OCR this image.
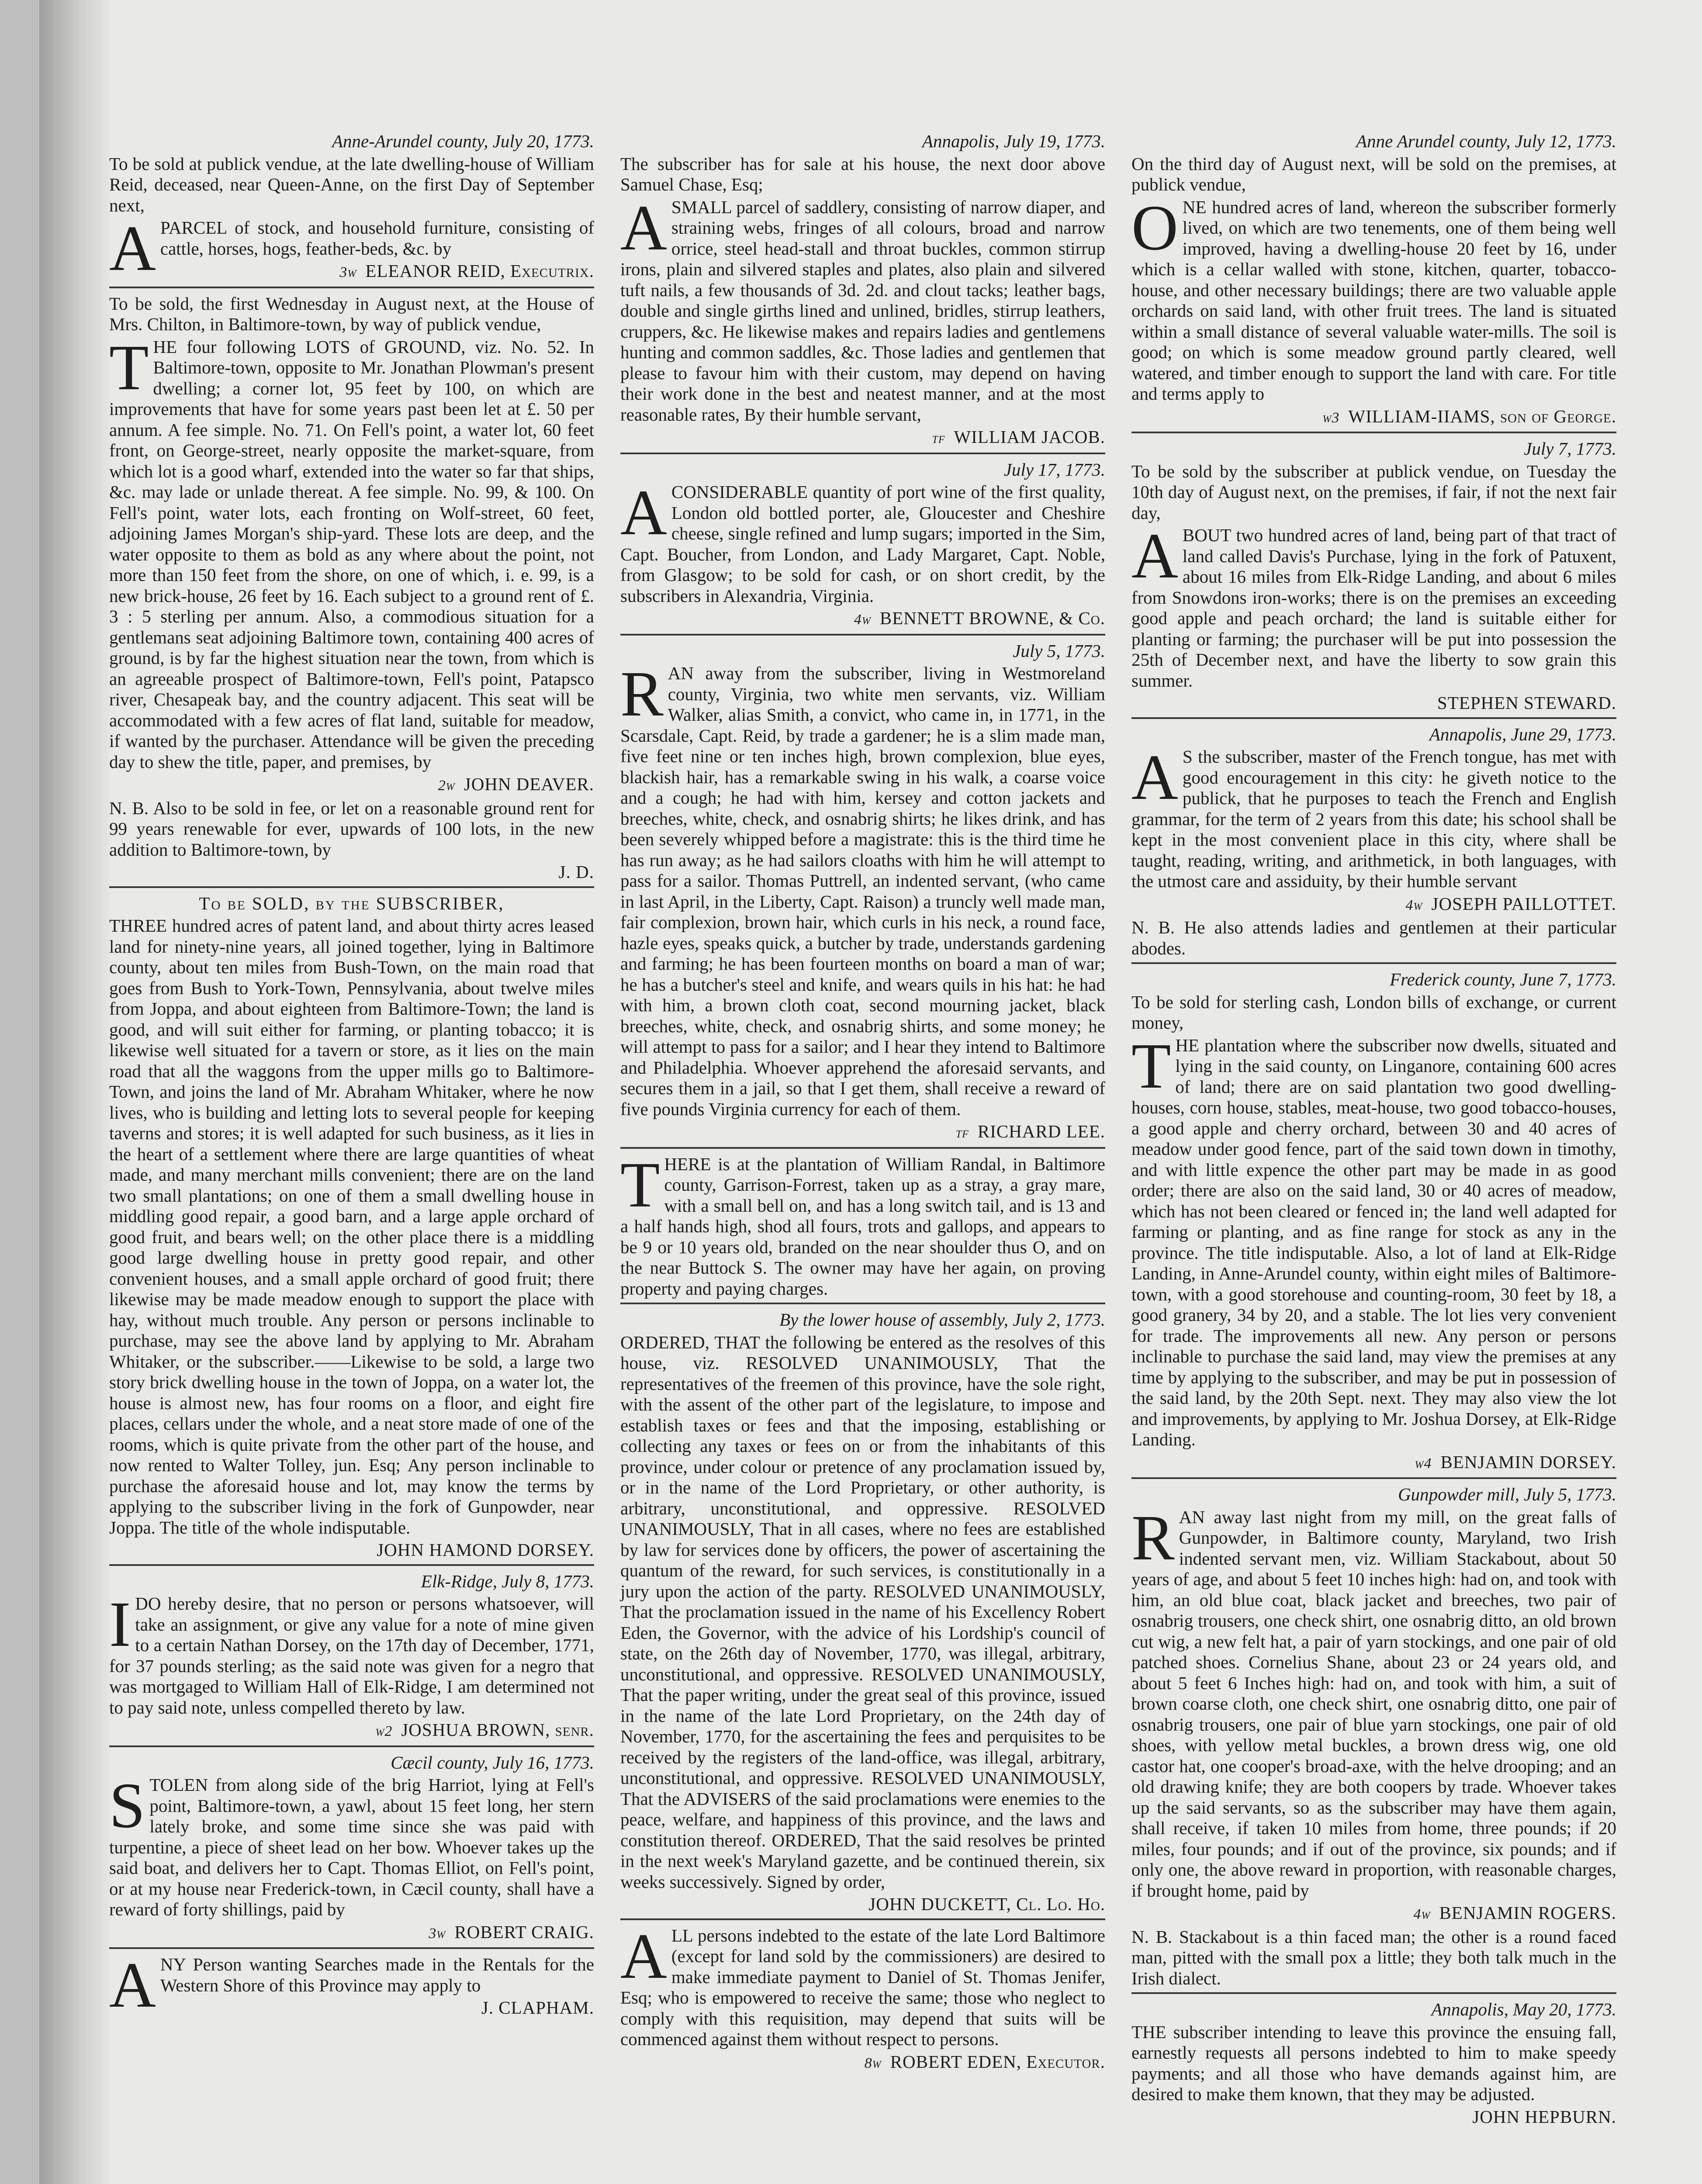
Anne-Arundel county, July 20, 1773.

To be sold at publick vendue, at the late dwelling-house of William Reid, deceased, near Queen-Anne, on the first Day of September next,

APARCEL of stock, and household furniture, consisting of cattle, horses, hogs, feather-beds, &c. by

3w ELEANOR REID, Executrix.

To be sold, the first Wednesday in August next, at the House of Mrs. Chilton, in Baltimore-town, by way of publick vendue,

THE four following LOTS of GROUND, viz. No. 52. In Baltimore-town, opposite to Mr. Jonathan Plowman's present dwelling; a corner lot, 95 feet by 100, on which are improvements that have for some years past been let at £. 50 per annum. A fee simple. No. 71. On Fell's point, a water lot, 60 feet front, on George-street, nearly opposite the market-square, from which lot is a good wharf, extended into the water so far that ships, &c. may lade or unlade thereat. A fee simple. No. 99, & 100. On Fell's point, water lots, each fronting on Wolf-street, 60 feet, adjoining James Morgan's ship-yard. These lots are deep, and the water opposite to them as bold as any where about the point, not more than 150 feet from the shore, on one of which, i. e. 99, is a new brick-house, 26 feet by 16. Each subject to a ground rent of £. 3 : 5 sterling per annum. Also, a commodious situation for a gentlemans seat adjoining Baltimore town, containing 400 acres of ground, is by far the highest situation near the town, from which is an agreeable prospect of Baltimore-town, Fell's point, Patapsco river, Chesapeak bay, and the country adjacent. This seat will be accommodated with a few acres of flat land, suitable for meadow, if wanted by the purchaser. Attendance will be given the preceding day to shew the title, paper, and premises, by

2w JOHN DEAVER.

N. B. Also to be sold in fee, or let on a reasonable ground rent for 99 years renewable for ever, upwards of 100 lots, in the new addition to Baltimore-town, by

J. D.

To be SOLD, by the SUBSCRIBER,

THREE hundred acres of patent land, and about thirty acres leased land for ninety-nine years, all joined together, lying in Baltimore county, about ten miles from Bush-Town, on the main road that goes from Bush to York-Town, Pennsylvania, about twelve miles from Joppa, and about eighteen from Baltimore-Town; the land is good, and will suit either for farming, or planting tobacco; it is likewise well situated for a tavern or store, as it lies on the main road that all the waggons from the upper mills go to Baltimore-Town, and joins the land of Mr. Abraham Whitaker, where he now lives, who is building and letting lots to several people for keeping taverns and stores; it is well adapted for such business, as it lies in the heart of a settlement where there are large quantities of wheat made, and many merchant mills convenient; there are on the land two small plantations; on one of them a small dwelling house in middling good repair, a good barn, and a large apple orchard of good fruit, and bears well; on the other place there is a middling good large dwelling house in pretty good repair, and other convenient houses, and a small apple orchard of good fruit; there likewise may be made meadow enough to support the place with hay, without much trouble. Any person or persons inclinable to purchase, may see the above land by applying to Mr. Abraham Whitaker, or the subscriber.——Likewise to be sold, a large two story brick dwelling house in the town of Joppa, on a water lot, the house is almost new, has four rooms on a floor, and eight fire places, cellars under the whole, and a neat store made of one of the rooms, which is quite private from the other part of the house, and now rented to Walter Tolley, jun. Esq; Any person inclinable to purchase the aforesaid house and lot, may know the terms by applying to the subscriber living in the fork of Gunpowder, near Joppa. The title of the whole indisputable.

JOHN HAMOND DORSEY.

Elk-Ridge, July 8, 1773.

IDO hereby desire, that no person or persons whatsoever, will take an assignment, or give any value for a note of mine given to a certain Nathan Dorsey, on the 17th day of December, 1771, for 37 pounds sterling; as the said note was given for a negro that was mortgaged to William Hall of Elk-Ridge, I am determined not to pay said note, unless compelled thereto by law.

w2 JOSHUA BROWN, senr.

Cæcil county, July 16, 1773.

STOLEN from along side of the brig Harriot, lying at Fell's point, Baltimore-town, a yawl, about 15 feet long, her stern lately broke, and some time since she was paid with turpentine, a piece of sheet lead on her bow. Whoever takes up the said boat, and delivers her to Capt. Thomas Elliot, on Fell's point, or at my house near Frederick-town, in Cæcil county, shall have a reward of forty shillings, paid by

3w ROBERT CRAIG.

ANY Person wanting Searches made in the Rentals for the Western Shore of this Province may apply to

J. CLAPHAM.

Annapolis, July 19, 1773.

The subscriber has for sale at his house, the next door above Samuel Chase, Esq;

ASMALL parcel of saddlery, consisting of narrow diaper, and straining webs, fringes of all colours, broad and narrow orrice, steel head-stall and throat buckles, common stirrup irons, plain and silvered staples and plates, also plain and silvered tuft nails, a few thousands of 3d. 2d. and clout tacks; leather bags, double and single girths lined and unlined, bridles, stirrup leathers, cruppers, &c. He likewise makes and repairs ladies and gentlemens hunting and common saddles, &c. Those ladies and gentlemen that please to favour him with their custom, may depend on having their work done in the best and neatest manner, and at the most reasonable rates, By their humble servant,

tf WILLIAM JACOB.

July 17, 1773.

ACONSIDERABLE quantity of port wine of the first quality, London old bottled porter, ale, Gloucester and Cheshire cheese, single refined and lump sugars; imported in the Sim, Capt. Boucher, from London, and Lady Margaret, Capt. Noble, from Glasgow; to be sold for cash, or on short credit, by the subscribers in Alexandria, Virginia.

4w BENNETT BROWNE, & Co.

July 5, 1773.

RAN away from the subscriber, living in Westmoreland county, Virginia, two white men servants, viz. William Walker, alias Smith, a convict, who came in, in 1771, in the Scarsdale, Capt. Reid, by trade a gardener; he is a slim made man, five feet nine or ten inches high, brown complexion, blue eyes, blackish hair, has a remarkable swing in his walk, a coarse voice and a cough; he had with him, kersey and cotton jackets and breeches, white, check, and osnabrig shirts; he likes drink, and has been severely whipped before a magistrate: this is the third time he has run away; as he had sailors cloaths with him he will attempt to pass for a sailor. Thomas Puttrell, an indented servant, (who came in last April, in the Liberty, Capt. Raison) a truncly well made man, fair complexion, brown hair, which curls in his neck, a round face, hazle eyes, speaks quick, a butcher by trade, understands gardening and farming; he has been fourteen months on board a man of war; he has a butcher's steel and knife, and wears quils in his hat: he had with him, a brown cloth coat, second mourning jacket, black breeches, white, check, and osnabrig shirts, and some money; he will attempt to pass for a sailor; and I hear they intend to Baltimore and Philadelphia. Whoever apprehend the aforesaid servants, and secures them in a jail, so that I get them, shall receive a reward of five pounds Virginia currency for each of them.

tf RICHARD LEE.

THERE is at the plantation of William Randal, in Baltimore county, Garrison-Forrest, taken up as a stray, a gray mare, with a small bell on, and has a long switch tail, and is 13 and a half hands high, shod all fours, trots and gallops, and appears to be 9 or 10 years old, branded on the near shoulder thus O, and on the near Buttock S. The owner may have her again, on proving property and paying charges.

By the lower house of assembly, July 2, 1773.

ORDERED, THAT the following be entered as the resolves of this house, viz. RESOLVED UNANIMOUSLY, That the representatives of the freemen of this province, have the sole right, with the assent of the other part of the legislature, to impose and establish taxes or fees and that the imposing, establishing or collecting any taxes or fees on or from the inhabitants of this province, under colour or pretence of any proclamation issued by, or in the name of the Lord Proprietary, or other authority, is arbitrary, unconstitutional, and oppressive. RESOLVED UNANIMOUSLY, That in all cases, where no fees are established by law for services done by officers, the power of ascertaining the quantum of the reward, for such services, is constitutionally in a jury upon the action of the party. RESOLVED UNANIMOUSLY, That the proclamation issued in the name of his Excellency Robert Eden, the Governor, with the advice of his Lordship's council of state, on the 26th day of November, 1770, was illegal, arbitrary, unconstitutional, and oppressive. RESOLVED UNANIMOUSLY, That the paper writing, under the great seal of this province, issued in the name of the late Lord Proprietary, on the 24th day of November, 1770, for the ascertaining the fees and perquisites to be received by the registers of the land-office, was illegal, arbitrary, unconstitutional, and oppressive. RESOLVED UNANIMOUSLY, That the ADVISERS of the said proclamations were enemies to the peace, welfare, and happiness of this province, and the laws and constitution thereof. ORDERED, That the said resolves be printed in the next week's Maryland gazette, and be continued therein, six weeks successively. Signed by order,

JOHN DUCKETT, Cl. Lo. Ho.

ALL persons indebted to the estate of the late Lord Baltimore (except for land sold by the commissioners) are desired to make immediate payment to Daniel of St. Thomas Jenifer, Esq; who is empowered to receive the same; those who neglect to comply with this requisition, may depend that suits will be commenced against them without respect to persons.

8w ROBERT EDEN, Executor.

Anne Arundel county, July 12, 1773.

On the third day of August next, will be sold on the premises, at publick vendue,

ONE hundred acres of land, whereon the subscriber formerly lived, on which are two tenements, one of them being well improved, having a dwelling-house 20 feet by 16, under which is a cellar walled with stone, kitchen, quarter, tobacco-house, and other necessary buildings; there are two valuable apple orchards on said land, with other fruit trees. The land is situated within a small distance of several valuable water-mills. The soil is good; on which is some meadow ground partly cleared, well watered, and timber enough to support the land with care. For title and terms apply to

w3 WILLIAM-IIAMS, son of George.

July 7, 1773.

To be sold by the subscriber at publick vendue, on Tuesday the 10th day of August next, on the premises, if fair, if not the next fair day,

ABOUT two hundred acres of land, being part of that tract of land called Davis's Purchase, lying in the fork of Patuxent, about 16 miles from Elk-Ridge Landing, and about 6 miles from Snowdons iron-works; there is on the premises an exceeding good apple and peach orchard; the land is suitable either for planting or farming; the purchaser will be put into possession the 25th of December next, and have the liberty to sow grain this summer.

STEPHEN STEWARD.

Annapolis, June 29, 1773.

A S the subscriber, master of the French tongue, has met with good encouragement in this city: he giveth notice to the publick, that he purposes to teach the French and English grammar, for the term of 2 years from this date; his school shall be kept in the most convenient place in this city, where shall be taught, reading, writing, and arithmetick, in both languages, with the utmost care and assiduity, by their humble servant

4w JOSEPH PAILLOTTET.

N. B. He also attends ladies and gentlemen at their particular abodes.

Frederick county, June 7, 1773.

To be sold for sterling cash, London bills of exchange, or current money,

THE plantation where the subscriber now dwells, situated and lying in the said county, on Linganore, containing 600 acres of land; there are on said plantation two good dwelling-houses, corn house, stables, meat-house, two good tobacco-houses, a good apple and cherry orchard, between 30 and 40 acres of meadow under good fence, part of the said town down in timothy, and with little expence the other part may be made in as good order; there are also on the said land, 30 or 40 acres of meadow, which has not been cleared or fenced in; the land well adapted for farming or planting, and as fine range for stock as any in the province. The title indisputable. Also, a lot of land at Elk-Ridge Landing, in Anne-Arundel county, within eight miles of Baltimore-town, with a good storehouse and counting-room, 30 feet by 18, a good granery, 34 by 20, and a stable. The lot lies very convenient for trade. The improvements all new. Any person or persons inclinable to purchase the said land, may view the premises at any time by applying to the subscriber, and may be put in possession of the said land, by the 20th Sept. next. They may also view the lot and improvements, by applying to Mr. Joshua Dorsey, at Elk-Ridge Landing.

w4 BENJAMIN DORSEY.

Gunpowder mill, July 5, 1773.

RAN away last night from my mill, on the great falls of Gunpowder, in Baltimore county, Maryland, two Irish indented servant men, viz. William Stackabout, about 50 years of age, and about 5 feet 10 inches high: had on, and took with him, an old blue coat, black jacket and breeches, two pair of osnabrig trousers, one check shirt, one osnabrig ditto, an old brown cut wig, a new felt hat, a pair of yarn stockings, and one pair of old patched shoes. Cornelius Shane, about 23 or 24 years old, and about 5 feet 6 Inches high: had on, and took with him, a suit of brown coarse cloth, one check shirt, one osnabrig ditto, one pair of osnabrig trousers, one pair of blue yarn stockings, one pair of old shoes, with yellow metal buckles, a brown dress wig, one old castor hat, one cooper's broad-axe, with the helve drooping; and an old drawing knife; they are both coopers by trade. Whoever takes up the said servants, so as the subscriber may have them again, shall receive, if taken 10 miles from home, three pounds; if 20 miles, four pounds; and if out of the province, six pounds; and if only one, the above reward in proportion, with reasonable charges, if brought home, paid by

4w BENJAMIN ROGERS.

N. B. Stackabout is a thin faced man; the other is a round faced man, pitted with the small pox a little; they both talk much in the Irish dialect.

Annapolis, May 20, 1773.

THE subscriber intending to leave this province the ensuing fall, earnestly requests all persons indebted to him to make speedy payments; and all those who have demands against him, are desired to make them known, that they may be adjusted.

JOHN HEPBURN.
